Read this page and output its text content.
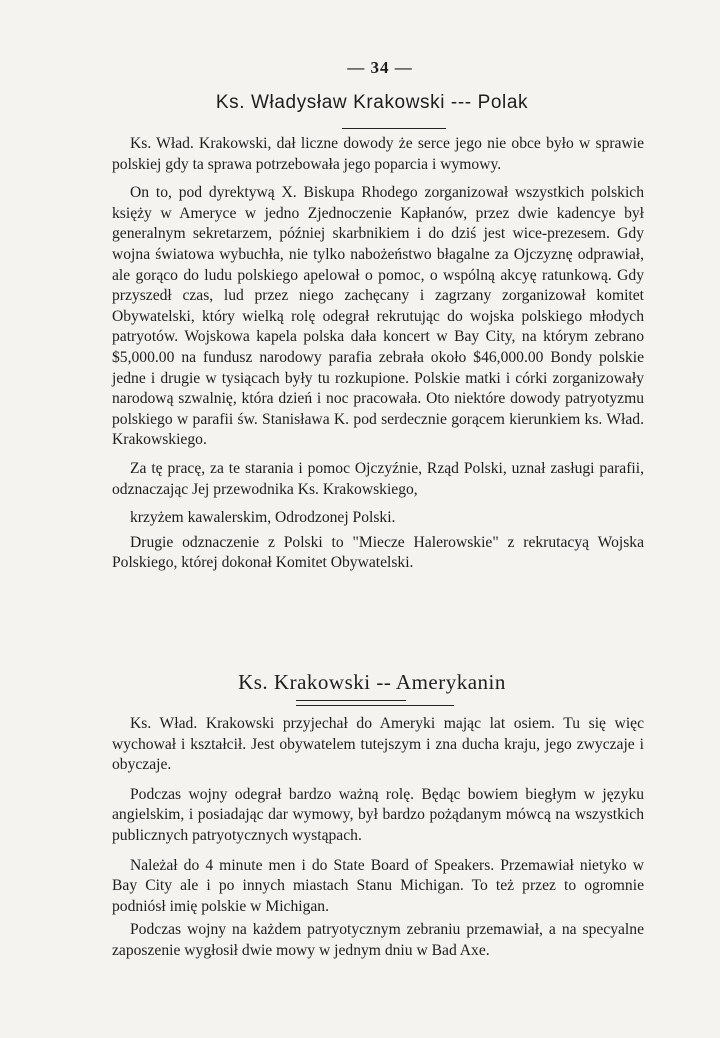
— 34 —
Ks. Władysław Krakowski --- Polak

Ks. Wład. Krakowski, dał liczne dowody że serce jego nie obce było w sprawie polskiej gdy ta sprawa potrzebowała jego poparcia i wymowy.

On to, pod dyrektywą X. Biskupa Rhodego zorganizował wszystkich polskich księży w Ameryce w jedno Zjednoczenie Kapłanów, przez dwie kadencye był generalnym sekretarzem, później skarbnikiem i do dziś jest wice-prezesem. Gdy wojna światowa wybuchła, nie tylko nabożeństwo błagalne za Ojczyznę odprawiał, ale gorąco do ludu polskiego apelował o pomoc, o wspólną akcyę ratunkową. Gdy przyszedł czas, lud przez niego zachęcany i zagrzany zorganizował komitet Obywatelski, który wielką rolę odegrał rekrutując do wojska polskiego młodych patryotów. Wojskowa kapela polska dała koncert w Bay City, na którym zebrano $5,000.00 na fundusz narodowy parafia zebrała około $46,000.00 Bondy polskie jedne i drugie w tysiącach były tu rozkupione. Polskie matki i córki zorganizowały narodową szwalnię, która dzień i noc pracowała. Oto niektóre dowody patryotyzmu polskiego w parafii św. Stanisława K. pod serdecznie gorącem kierunkiem ks. Wład. Krakowskiego.

Za tę pracę, za te starania i pomoc Ojczyźnie, Rząd Polski, uznał zasługi parafii, odznaczając Jej przewodnika Ks. Krakowskiego,

krzyżem kawalerskim, Odrodzonej Polski.

Drugie odznaczenie z Polski to "Miecze Halerowskie" z rekrutacyą Wojska Polskiego, której dokonał Komitet Obywatelski.

Ks. Krakowski -- Amerykanin

Ks. Wład. Krakowski przyjechał do Ameryki mając lat osiem. Tu się więc wychował i kształcił. Jest obywatelem tutejszym i zna ducha kraju, jego zwyczaje i obyczaje.

Podczas wojny odegrał bardzo ważną rolę. Będąc bowiem biegłym w języku angielskim, i posiadając dar wymowy, był bardzo pożądanym mówcą na wszystkich publicznych patryotycznych wystąpach.

Należał do 4 minute men i do State Board of Speakers. Przemawiał nietyko w Bay City ale i po innych miastach Stanu Michigan. To też przez to ogromnie podniósł imię polskie w Michigan.

Podczas wojny na każdem patryotycznym zebraniu przemawiał, a na specyalne zaposzenie wygłosił dwie mowy w jednym dniu w Bad Axe.
